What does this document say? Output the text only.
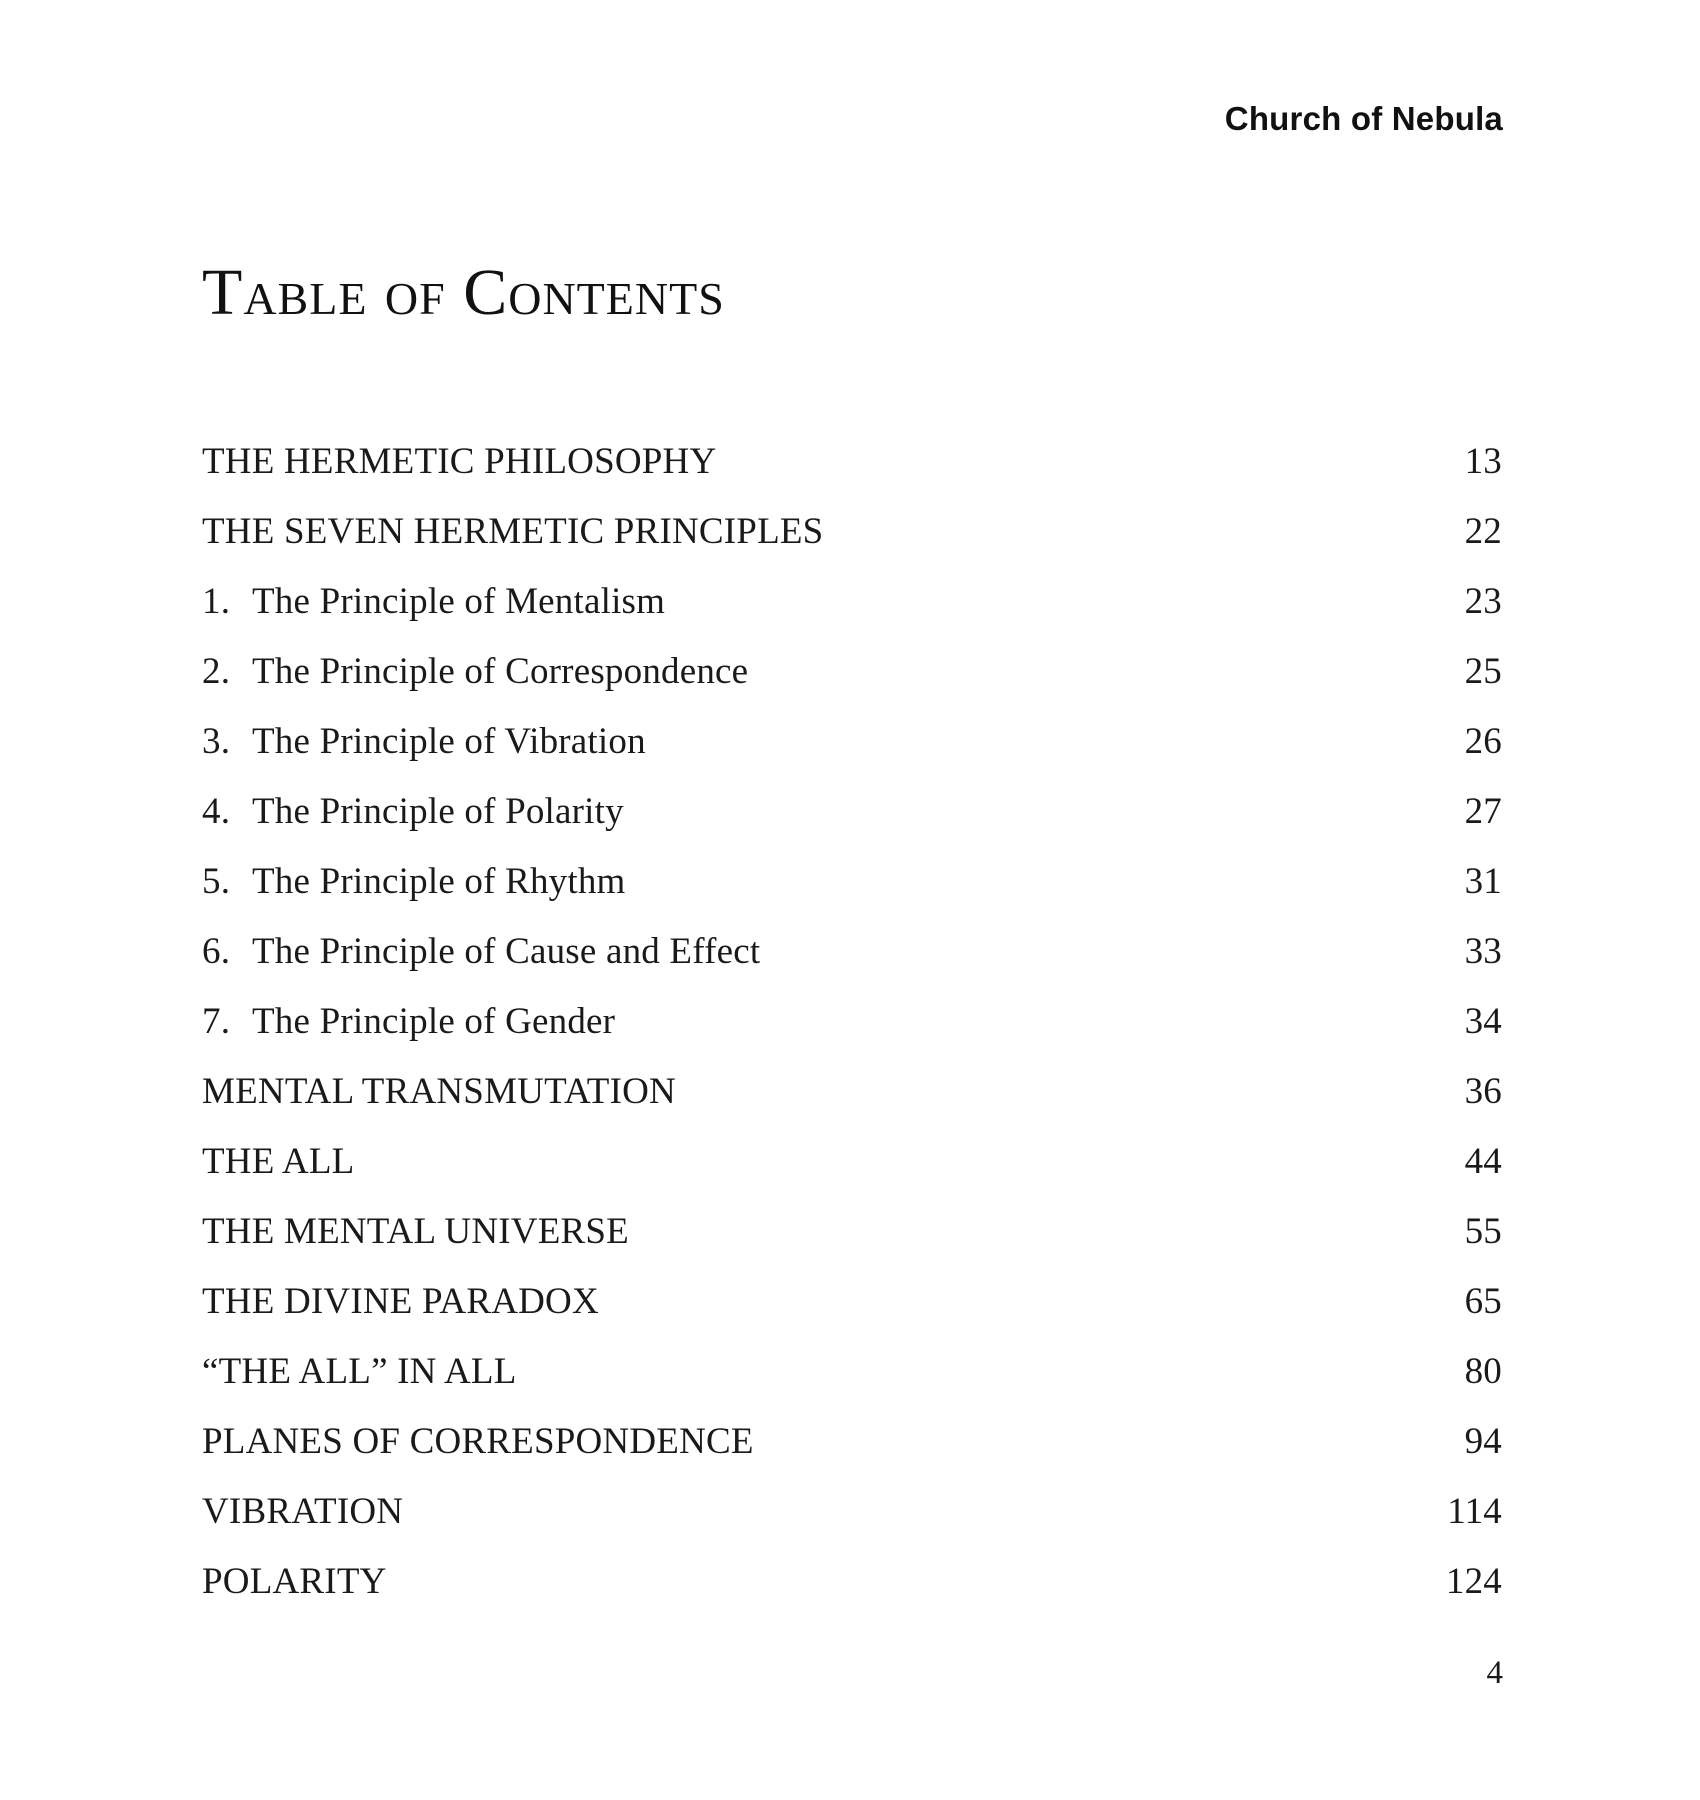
Church of Nebula
Table of Contents
THE HERMETIC PHILOSOPHY	13
THE SEVEN HERMETIC PRINCIPLES	22
1. The Principle of Mentalism	23
2. The Principle of Correspondence	25
3. The Principle of Vibration	26
4. The Principle of Polarity	27
5. The Principle of Rhythm	31
6. The Principle of Cause and Effect	33
7. The Principle of Gender	34
MENTAL TRANSMUTATION	36
THE ALL	44
THE MENTAL UNIVERSE	55
THE DIVINE PARADOX	65
“THE ALL” IN ALL	80
PLANES OF CORRESPONDENCE	94
VIBRATION	114
POLARITY	124
4
